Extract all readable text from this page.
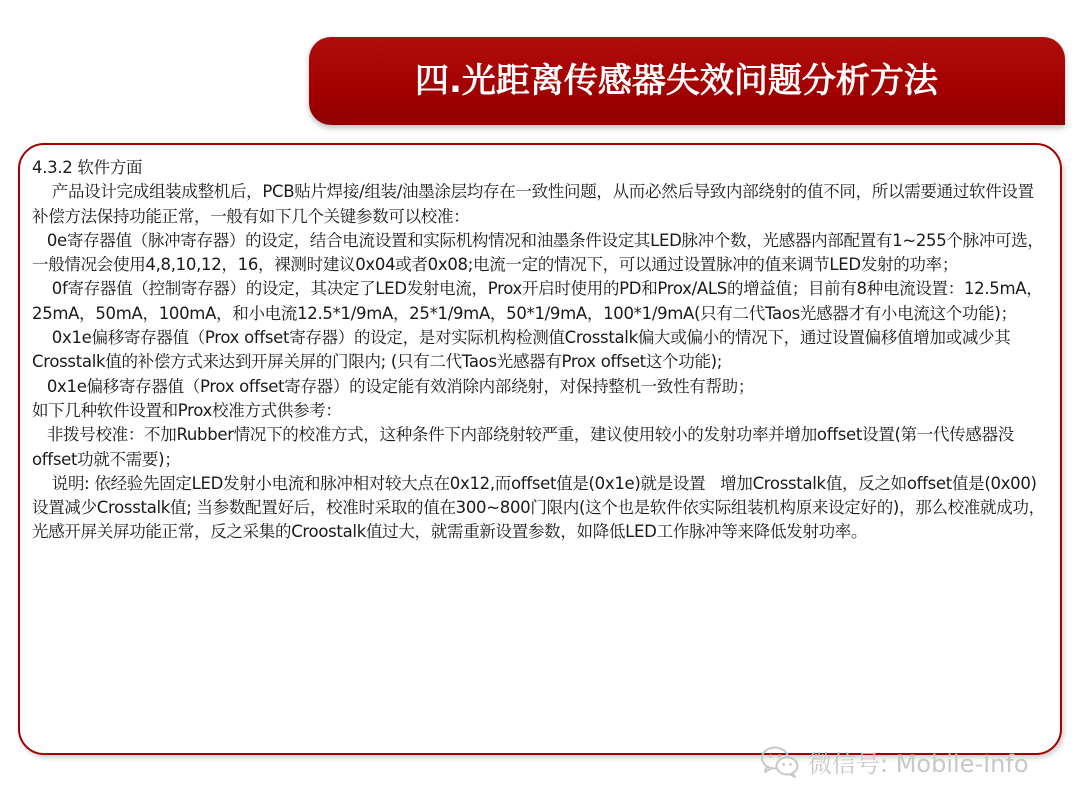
四.光距离传感器失效问题分析方法

4.3.2 软件方面

产品设计完成组装成整机后，PCB贴片焊接/组装/油墨涂层均存在一致性问题，从而必然后导致内部绕射的值不同，所以需要通过软件设置补偿方法保持功能正常，一般有如下几个关键参数可以校准：

0e寄存器值（脉冲寄存器）的设定，结合电流设置和实际机构情况和油墨条件设定其LED脉冲个数，光感器内部配置有1~255个脉冲可选，一般情况会使用4,8,10,12，16，裸测时建议0x04或者0x08;电流一定的情况下，可以通过设置脉冲的值来调节LED发射的功率；

0f寄存器值（控制寄存器）的设定，其决定了LED发射电流，Prox开启时使用的PD和Prox/ALS的增益值；目前有8种电流设置：12.5mA，25mA，50mA，100mA，和小电流12.5*1/9mA，25*1/9mA，50*1/9mA，100*1/9mA(只有二代Taos光感器才有小电流这个功能)；

0x1e偏移寄存器值（Prox offset寄存器）的设定，是对实际机构检测值Crosstalk偏大或偏小的情况下，通过设置偏移值增加或减少其Crosstalk值的补偿方式来达到开屏关屏的门限内; (只有二代Taos光感器有Prox offset这个功能);

0x1e偏移寄存器值（Prox offset寄存器）的设定能有效消除内部绕射，对保持整机一致性有帮助；

如下几种软件设置和Prox校准方式供参考：

非拨号校准：不加Rubber情况下的校准方式，这种条件下内部绕射较严重，建议使用较小的发射功率并增加offset设置(第一代传感器没offset功就不需要)；

说明: 依经验先固定LED发射小电流和脉冲相对较大点在0x12,而offset值是(0x1e)就是设置   增加Crosstalk值，反之如offset值是(0x00)设置减少Crosstalk值; 当参数配置好后，校准时采取的值在300~800门限内(这个也是软件依实际组装机构原来设定好的)，那么校准就成功，光感开屏关屏功能正常，反之采集的Croostalk值过大，就需重新设置参数，如降低LED工作脉冲等来降低发射功率。

微信号: Mobile-Info
